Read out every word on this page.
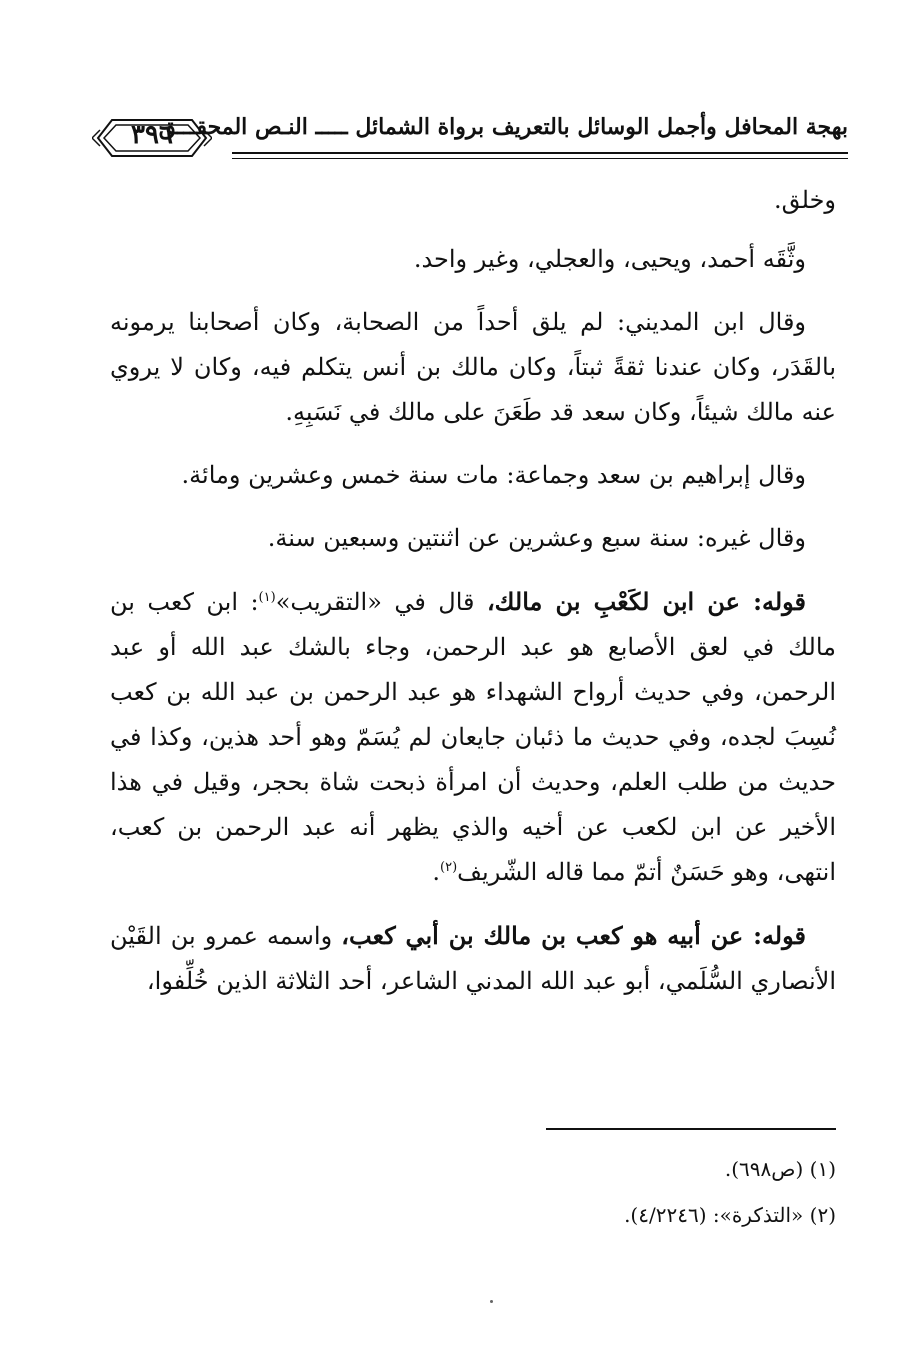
بهجة المحافل وأجمل الوسائل بالتعريف برواة الشمائل ـــــ النـص المحقـــق
٣٩٦

وخلق.

وثَّقَه أحمد، ويحيى، والعجلي، وغير واحد.

وقال ابن المديني: لم يلق أحداً من الصحابة، وكان أصحابنا يرمونه بالقَدَر، وكان عندنا ثقةً ثبتاً، وكان مالك بن أنس يتكلم فيه، وكان لا يروي عنه مالك شيئاً، وكان سعد قد طَعَنَ على مالك في نَسَبِهِ.

وقال إبراهيم بن سعد وجماعة: مات سنة خمس وعشرين ومائة.

وقال غيره: سنة سبع وعشرين عن اثنتين وسبعين سنة.

قوله: عن ابن لكَعْبِ بن مالك، قال في «التقريب»$^{(١)}$: ابن كعب بن مالك في لعق الأصابع هو عبد الرحمن، وجاء بالشك عبد الله أو عبد الرحمن، وفي حديث أرواح الشهداء هو عبد الرحمن بن عبد الله بن كعب نُسِبَ لجده، وفي حديث ما ذئبان جايعان لم يُسَمّ وهو أحد هذين، وكذا في حديث من طلب العلم، وحديث أن امرأة ذبحت شاة بحجر، وقيل في هذا الأخير عن ابن لكعب عن أخيه والذي يظهر أنه عبد الرحمن بن كعب، انتهى، وهو حَسَنٌ أتمّ مما قاله الشّريف$^{(٢)}$.

قوله: عن أبيه هو كعب بن مالك بن أبي كعب، واسمه عمرو بن القَيْن الأنصاري السُّلَمي، أبو عبد الله المدني الشاعر، أحد الثلاثة الذين خُلِّفوا،

(١) (ص٦٩٨).

(٢) «التذكرة»: (٤/٢٢٤٦).
